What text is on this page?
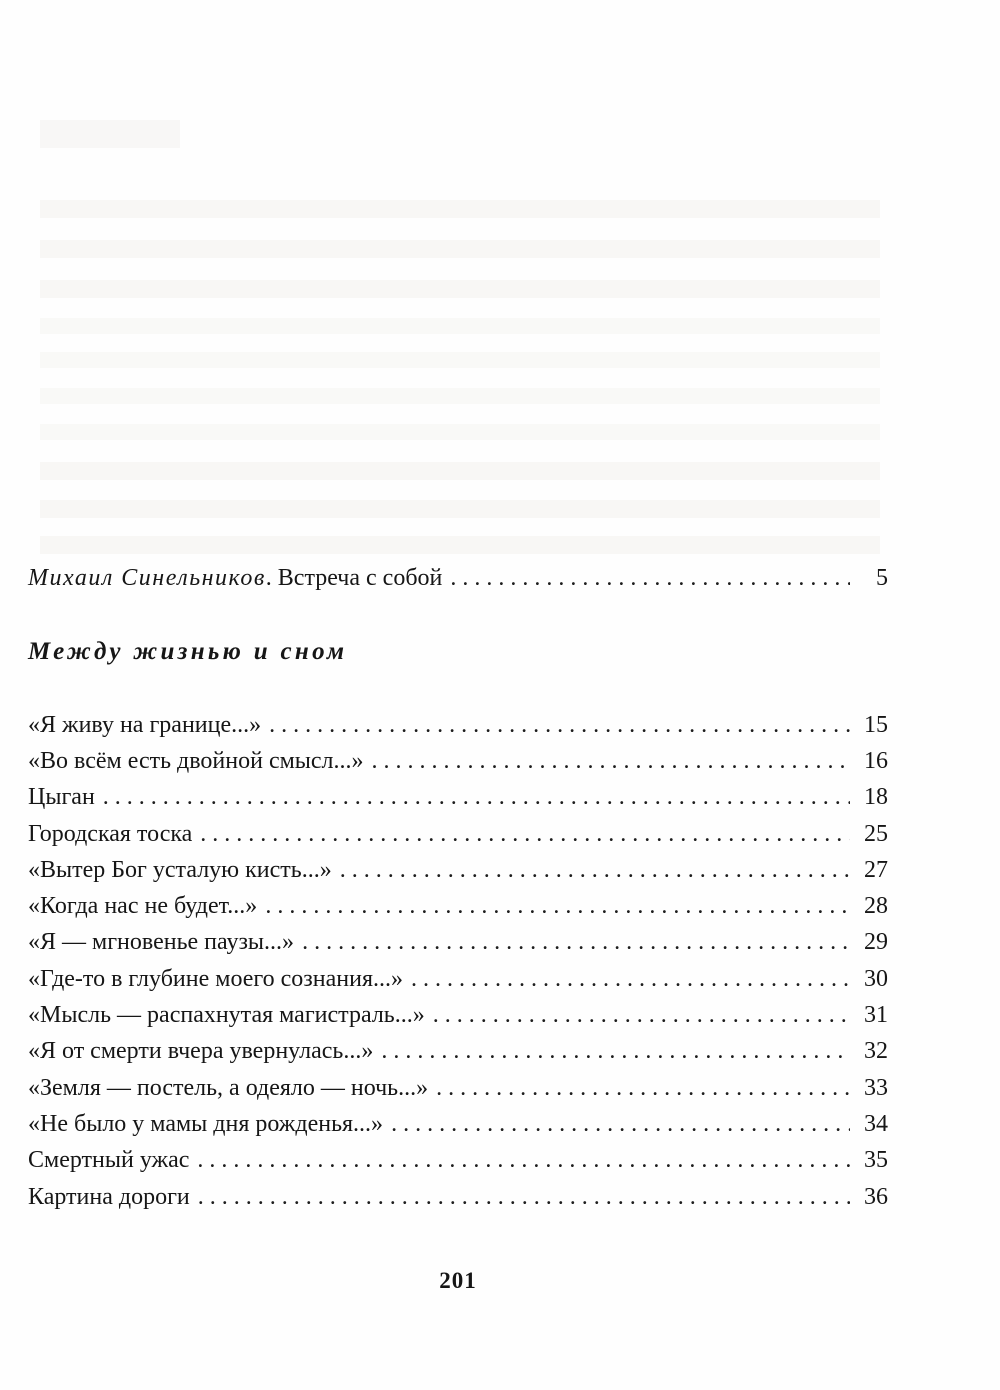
Михаил Синельников. Встреча с собой . . .	5
Между жизнью и сном
«Я живу на границе...» . . .	15
«Во всём есть двойной смысл...» . . .	16
Цыган . . .	18
Городская тоска . . .	25
«Вытер Бог усталую кисть...» . . .	27
«Когда нас не будет...» . . .	28
«Я — мгновенье паузы...» . . .	29
«Где-то в глубине моего сознания...» . . .	30
«Мысль — распахнутая магистраль...» . . .	31
«Я от смерти вчера увернулась...» . . .	32
«Земля — постель, а одеяло — ночь...» . . .	33
«Не было у мамы дня рожденья...» . . .	34
Смертный ужас . . .	35
Картина дороги . . .	36
201
